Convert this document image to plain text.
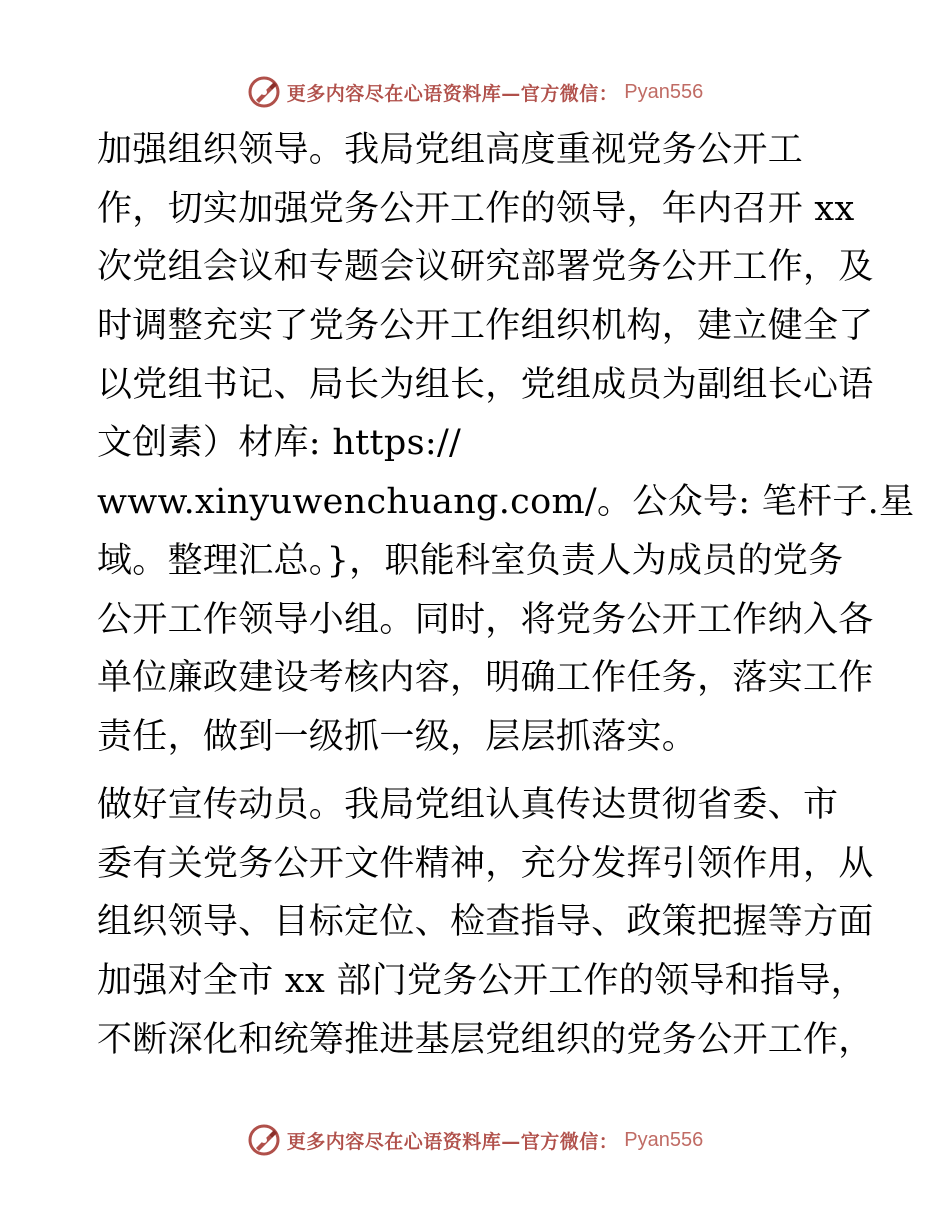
更多内容尽在心语资料库—官方微信： Pyan556
加强组织领导。我局党组高度重视党务公开工
作，切实加强党务公开工作的领导，年内召开 xx
次党组会议和专题会议研究部署党务公开工作，及
时调整充实了党务公开工作组织机构，建立健全了
以党组书记、局长为组长，党组成员为副组长心语
文创素）材库: https://
www.xinyuwenchuang.com/。公众号: 笔杆子.星
域。整理汇总。}，职能科室负责人为成员的党务
公开工作领导小组。同时，将党务公开工作纳入各
单位廉政建设考核内容，明确工作任务，落实工作
责任，做到一级抓一级，层层抓落实。
做好宣传动员。我局党组认真传达贯彻省委、市
委有关党务公开文件精神，充分发挥引领作用，从
组织领导、目标定位、检查指导、政策把握等方面
加强对全市 xx 部门党务公开工作的领导和指导，
不断深化和统筹推进基层党组织的党务公开工作，
更多内容尽在心语资料库—官方微信： Pyan556
